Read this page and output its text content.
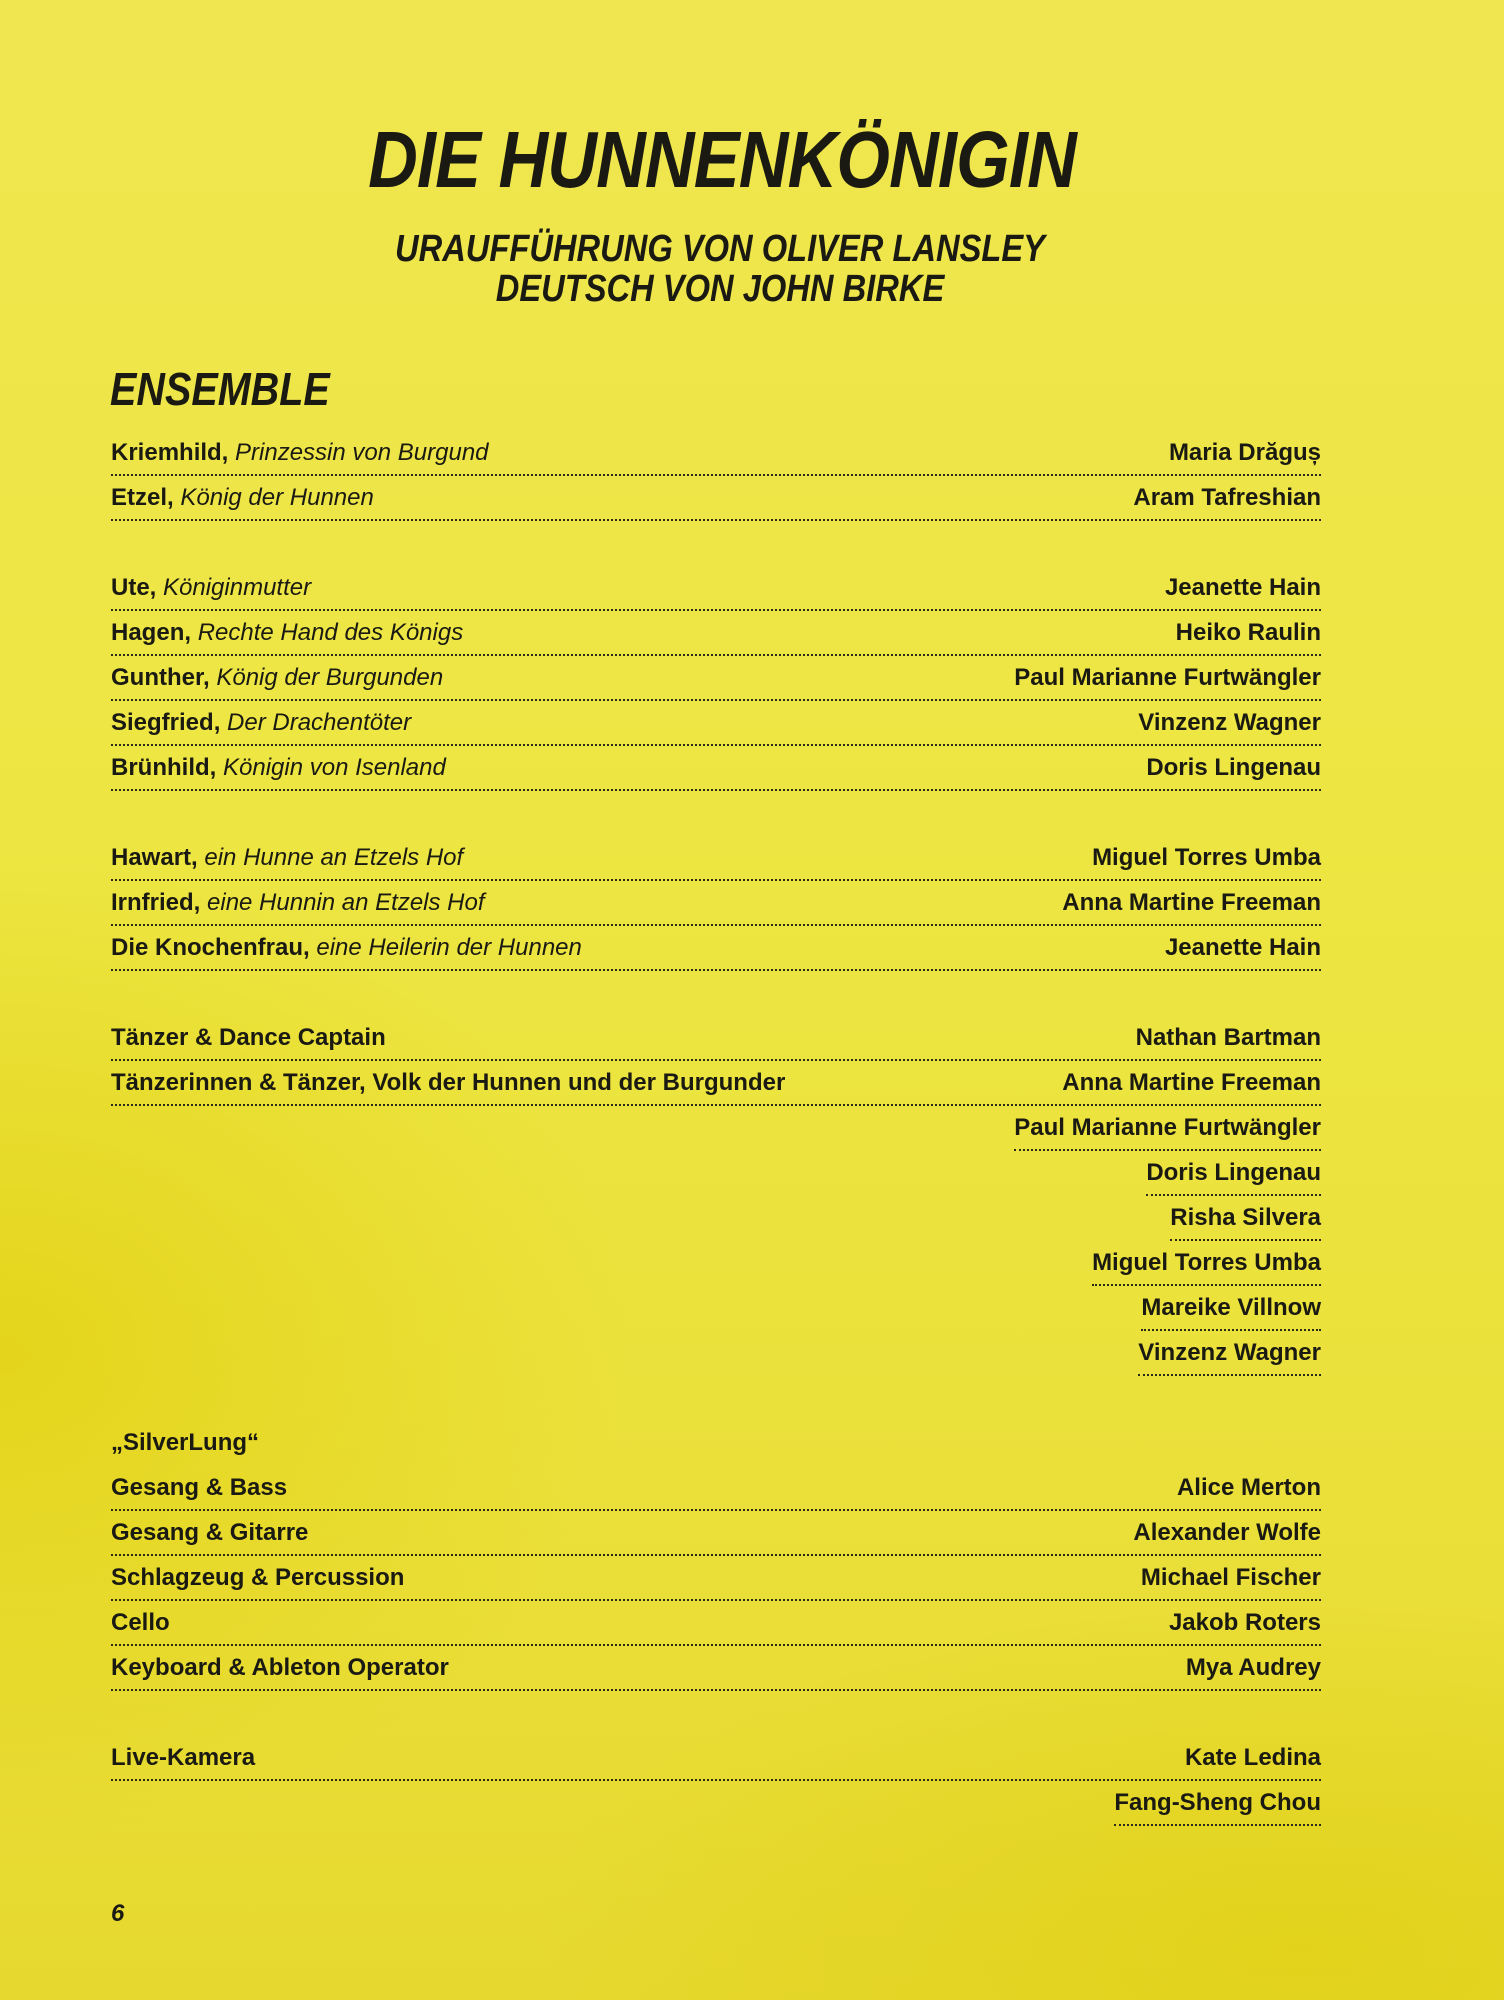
DIE HUNNENKÖNIGIN
URAUFFÜHRUNG VON OLIVER LANSLEY
DEUTSCH VON JOHN BIRKE
ENSEMBLE
Kriemhild, Prinzessin von Burgund	Maria Drăguș
Etzel, König der Hunnen	Aram Tafreshian
Ute, Königinmutter	Jeanette Hain
Hagen, Rechte Hand des Königs	Heiko Raulin
Gunther, König der Burgunden	Paul Marianne Furtwängler
Siegfried, Der Drachentöter	Vinzenz Wagner
Brünhild, Königin von Isenland	Doris Lingenau
Hawart, ein Hunne an Etzels Hof	Miguel Torres Umba
Irnfried, eine Hunnin an Etzels Hof	Anna Martine Freeman
Die Knochenfrau, eine Heilerin der Hunnen	Jeanette Hain
Tänzer & Dance Captain	Nathan Bartman
Tänzerinnen & Tänzer, Volk der Hunnen und der Burgunder	Anna Martine Freeman
Paul Marianne Furtwängler
Doris Lingenau
Risha Silvera
Miguel Torres Umba
Mareike Villnow
Vinzenz Wagner
„SilverLung“
Gesang & Bass	Alice Merton
Gesang & Gitarre	Alexander Wolfe
Schlagzeug & Percussion	Michael Fischer
Cello	Jakob Roters
Keyboard & Ableton Operator	Mya Audrey
Live-Kamera	Kate Ledina
Fang-Sheng Chou
6
